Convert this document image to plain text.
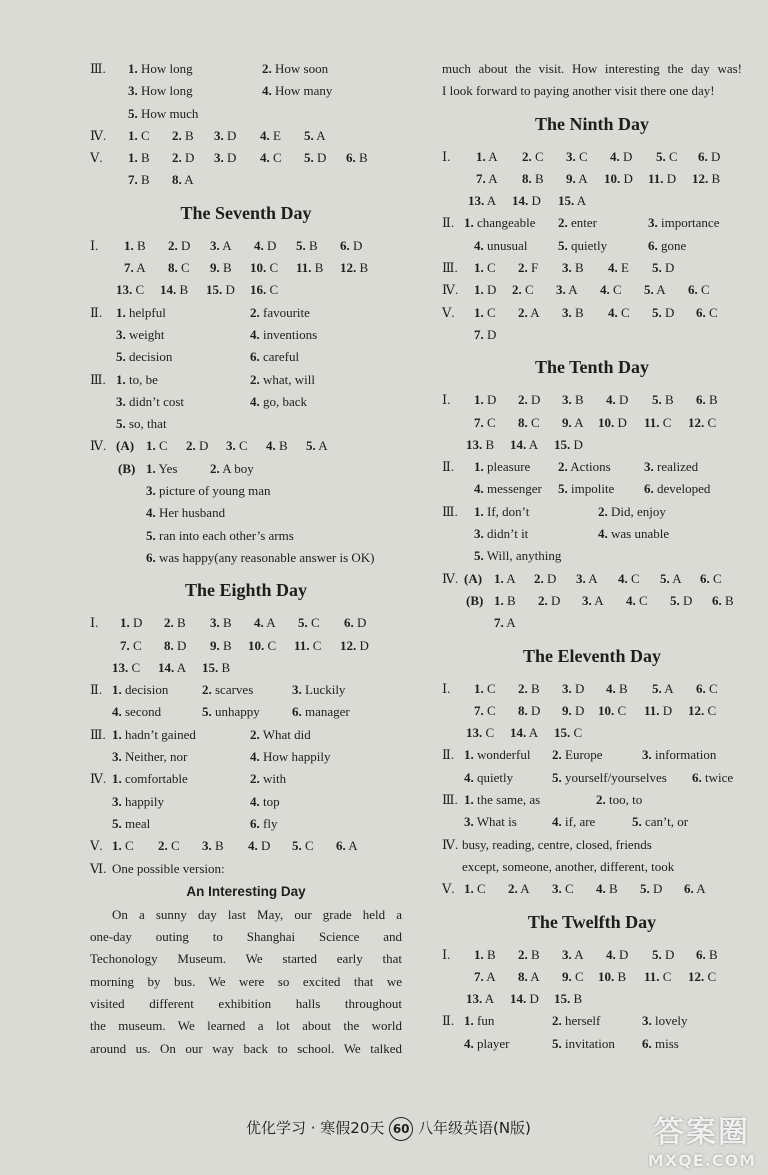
Ⅲ. 1. How long	2. How soon
3. How long	4. How many
5. How much
Ⅳ. 1. C 2. B 3. D 4. E 5. A
Ⅴ. 1. B 2. D 3. D 4. C 5. D 6. B
7. B 8. A
The Seventh Day
Ⅰ. 1. B 2. D 3. A 4. D 5. B 6. D
7. A 8. C 9. B 10. C 11. B 12. B
13. C 14. B 15. D 16. C
Ⅱ. 1. helpful	2. favourite
3. weight	4. inventions
5. decision	6. careful
Ⅲ. 1. to, be	2. what, will
3. didn’t cost	4. go, back
5. so, that
Ⅳ. (A) 1. C 2. D 3. C 4. B 5. A
(B) 1. Yes	2. A boy
3. picture of young man
4. Her husband
5. ran into each other’s arms
6. was happy(any reasonable answer is OK)
The Eighth Day
Ⅰ. 1. D 2. B 3. B 4. A 5. C 6. D
7. C 8. D 9. B 10. C 11. C 12. D
13. C 14. A 15. B
Ⅱ. 1. decision	2. scarves	3. Luckily
4. second	5. unhappy 6. manager
Ⅲ. 1. hadn’t gained	2. What did
3. Neither, nor	4. How happily
Ⅳ. 1. comfortable	2. with
3. happily	4. top
5. meal	6. fly
Ⅴ. 1. C 2. C 3. B 4. D 5. C 6. A
Ⅵ. One possible version:
An Interesting Day
On a sunny day last May, our grade held a
one-day outing to Shanghai Science and
Techonology Museum. We started early that
morning by bus. We were so excited that we
visited different exhibition halls throughout
the museum. We learned a lot about the world
around us. On our way back to school. We talked
much about the visit. How interesting the day was!
I look forward to paying another visit there one day!
The Ninth Day
Ⅰ. 1. A 2. C 3. C 4. D 5. C 6. D
7. A 8. B 9. A 10. D 11. D 12. B
13. A 14. D 15. A
Ⅱ. 1. changeable 2. enter	3. importance
4. unusual 5. quietly	6. gone
Ⅲ. 1. C 2. F 3. B 4. E 5. D
Ⅳ. 1. D 2. C 3. A 4. C 5. A 6. C
Ⅴ. 1. C 2. A 3. B 4. C 5. D 6. C
7. D
The Tenth Day
Ⅰ. 1. D 2. D 3. B 4. D 5. B 6. B
7. C 8. C 9. A 10. D 11. C 12. C
13. B 14. A 15. D
Ⅱ. 1. pleasure 2. Actions	3. realized
4. messenger 5. impolite 6. developed
Ⅲ. 1. If, don’t	2. Did, enjoy
3. didn’t it	4. was unable
5. Will, anything
Ⅳ. (A) 1. A 2. D 3. A 4. C 5. A 6. C
(B) 1. B 2. D 3. A 4. C 5. D 6. B
7. A
The Eleventh Day
Ⅰ. 1. C 2. B 3. D 4. B 5. A 6. C
7. C 8. D 9. D 10. C 11. D 12. C
13. C 14. A 15. C
Ⅱ. 1. wonderful 2. Europe	3. information
4. quietly	5. yourself/yourselves 6. twice
Ⅲ. 1. the same, as	2. too, to
3. What is	4. if, are	5. can’t, or
Ⅳ. busy, reading, centre, closed, friends
except, someone, another, different, took
Ⅴ. 1. C 2. A 3. C 4. B 5. D 6. A
The Twelfth Day
Ⅰ. 1. B 2. B 3. A 4. D 5. D 6. B
7. A 8. A 9. C 10. B 11. C 12. C
13. A 14. D 15. B
Ⅱ. 1. fun	2. herself	3. lovely
4. player	5. invitation 6. miss
优化学习 · 寒假20天 60 八年级英语(N版)	答案圈
MXQE.COM
